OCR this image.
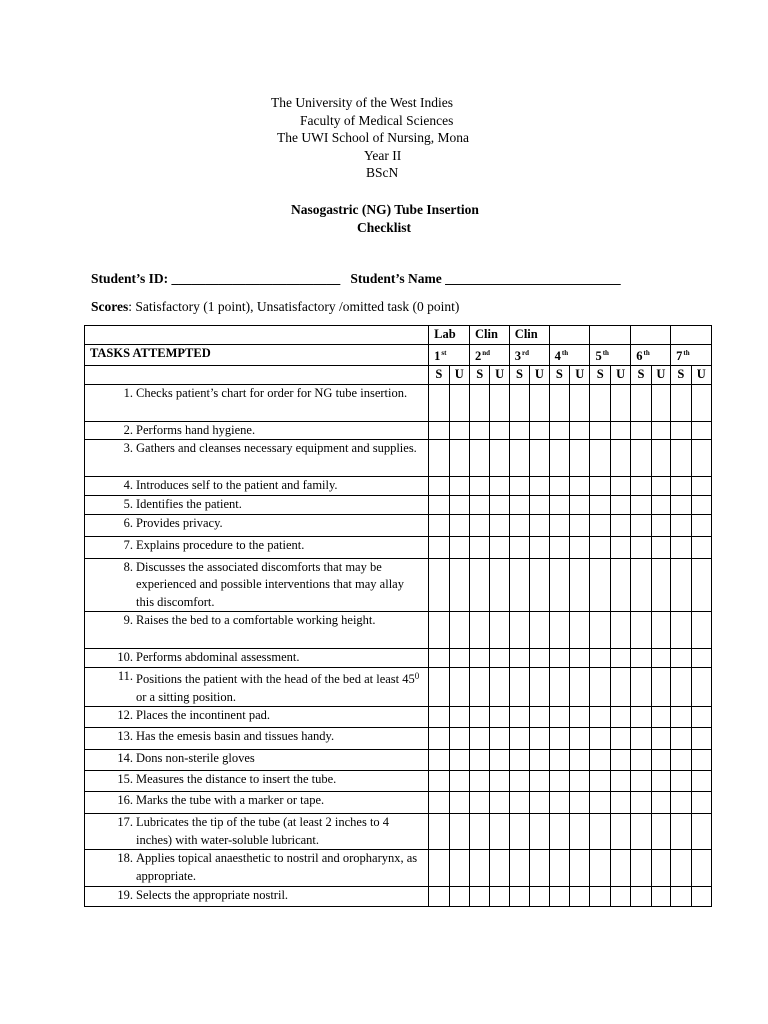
The University of the West Indies
Faculty of Medical Sciences
The UWI School of Nursing, Mona
Year II
BScN
Nasogastric (NG) Tube Insertion
Checklist
Student’s ID: _________________________ Student’s Name __________________________
Scores: Satisfactory (1 point), Unsatisfactory /omitted task (0 point)
	Lab		Clin		Clin									
TASKS ATTEMPTED	1st		2nd		3rd		4th		5th		6th		7th
	S	U	S	U	S	U	S	U	S	U	S	U	S	U

1. Checks patient’s chart for order for NG tube insertion.														

2. Performs hand hygiene.														

3. Gathers and cleanses necessary equipment and supplies.														

4. Introduces self to the patient and family.														

5. Identifies the patient.														

6. Provides privacy.														

7. Explains procedure to the patient.														

8. Discusses the associated discomforts that may be experienced and possible interventions that may allay this discomfort.														

9. Raises the bed to a comfortable working height.														

10. Performs abdominal assessment.														

11. Positions the patient with the head of the bed at least $45^0$ or a sitting position.														

12. Places the incontinent pad.														

13. Has the emesis basin and tissues handy.														

14. Dons non-sterile gloves														

15. Measures the distance to insert the tube.														

16. Marks the tube with a marker or tape.														

17. Lubricates the tip of the tube (at least 2 inches to 4 inches) with water-soluble lubricant.														

18. Applies topical anaesthetic to nostril and oropharynx, as appropriate.														

19. Selects the appropriate nostril.														
